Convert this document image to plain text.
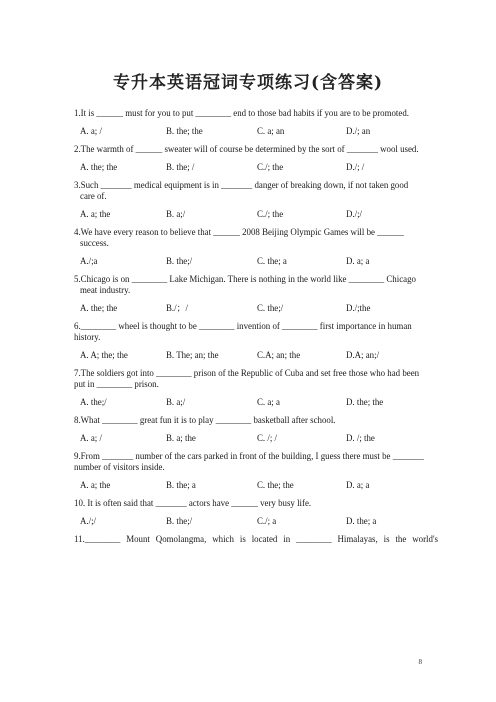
专升本英语冠词专项练习(含答案)
1.It is ______ must for you to put ________ end to those bad habits if you are to be promoted.
A. a; /	B. the; the	C. a; an	D./; an
2.The warmth of ______ sweater will of course be determined by the sort of _______ wool used.
A. the; the	B. the; /	C./; the	D./; /
3.Such _______ medical equipment is in _______ danger of breaking down, if not taken good
care of.
A. a; the	B. a;/	C./; the	D./;/
4.We have every reason to believe that ______ 2008 Beijing Olympic Games will be ______
success.
A./;a	B. the;/	C. the; a	D. a; a
5.Chicago is on ________ Lake Michigan. There is nothing in the world like ________ Chicago
meat industry.
A. the; the	B./；/	C. the;/	D./;the
6.________ wheel is thought to be ________ invention of ________ first importance in human
history.
A. A; the; the	B. The; an; the	C.A; an; the	D.A; an;/
7.The soldiers got into ________ prison of the Republic of Cuba and set free those who had been
put in ________ prison.
A. the;/	B. a;/	C. a; a	D. the; the
8.What ________ great fun it is to play ________ basketball after school.
A. a; /	B. a; the	C. /; /	D. /; the
9.From _______ number of the cars parked in front of the building, I guess there must be _______
number of visitors inside.
A. a; the	B. the; a	C. the; the	D. a; a
10. It is often said that _______ actors have ______ very busy life.
A./;/	B. the;/	C./; a	D. the; a
11.________ Mount Qomolangma, which is located in ________ Himalayas, is the world's
8
